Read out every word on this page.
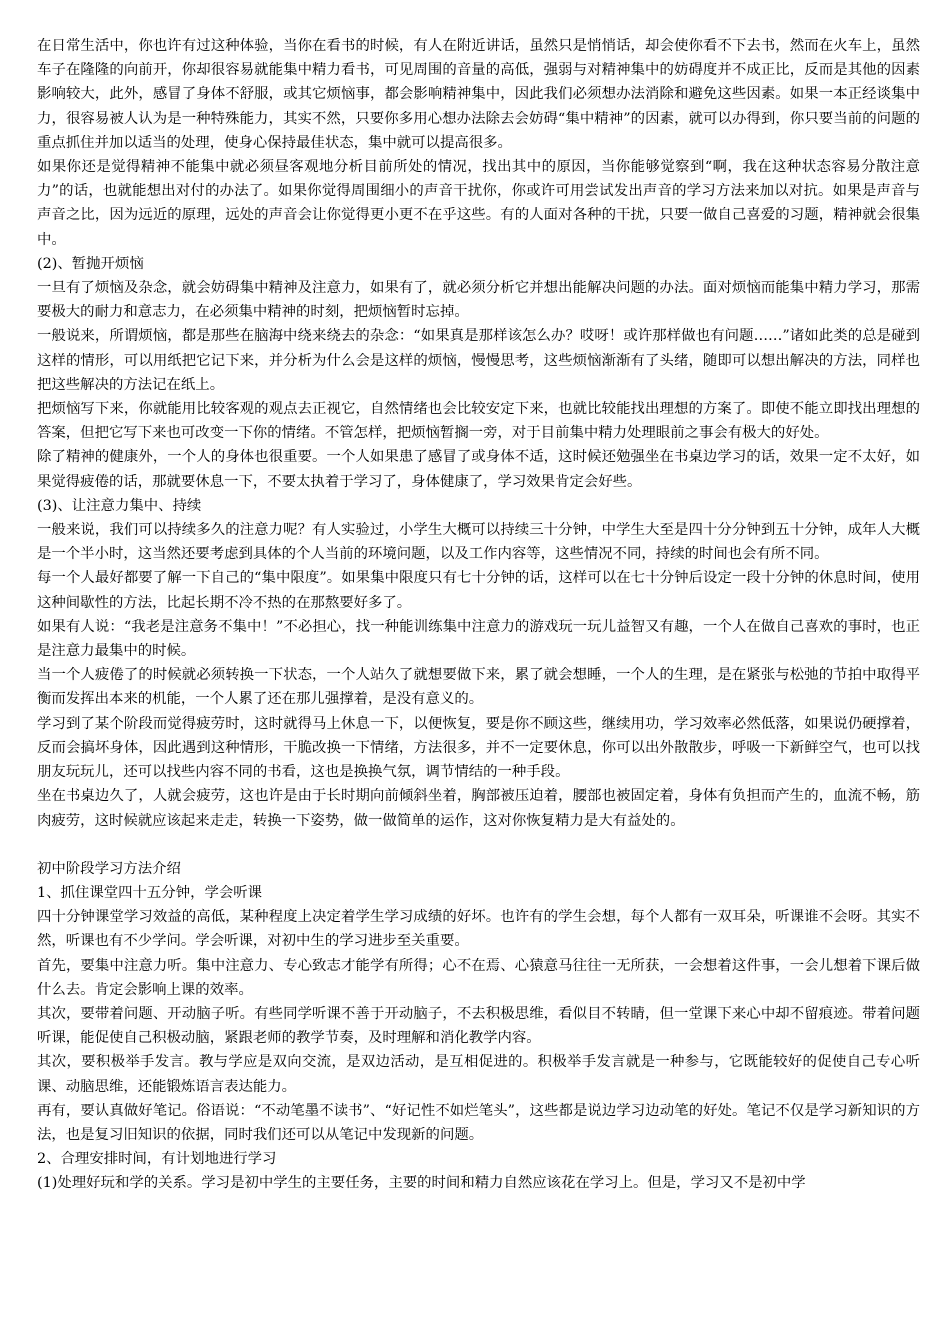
在日常生活中，你也许有过这种体验，当你在看书的时候，有人在附近讲话，虽然只是悄悄话，却会使你看不下去书，然而在火车上，虽然车子在隆隆的向前开，你却很容易就能集中精力看书，可见周围的音量的高低，强弱与对精神集中的妨碍度并不成正比，反而是其他的因素影响较大，此外，感冒了身体不舒服，或其它烦恼事，都会影响精神集中，因此我们必须想办法消除和避免这些因素。如果一本正经谈集中力，很容易被人认为是一种特殊能力，其实不然，只要你多用心想办法除去会妨碍“集中精神”的因素，就可以办得到，你只要当前的问题的重点抓住并加以适当的处理，使身心保持最佳状态，集中就可以提高很多。

如果你还是觉得精神不能集中就必须昼客观地分析目前所处的情况，找出其中的原因，当你能够觉察到“啊，我在这种状态容易分散注意力”的话，也就能想出对付的办法了。如果你觉得周围细小的声音干扰你，你或许可用尝试发出声音的学习方法来加以对抗。如果是声音与声音之比，因为远近的原理，远处的声音会让你觉得更小更不在乎这些。有的人面对各种的干扰，只要一做自己喜爱的习题，精神就会很集中。

(2)、暂抛开烦恼

一旦有了烦恼及杂念，就会妨碍集中精神及注意力，如果有了，就必须分析它并想出能解决问题的办法。面对烦恼而能集中精力学习，那需要极大的耐力和意志力，在必须集中精神的时刻，把烦恼暂时忘掉。

一般说来，所谓烦恼，都是那些在脑海中绕来绕去的杂念：“如果真是那样该怎么办？哎呀！或许那样做也有问题……”诸如此类的总是碰到这样的情形，可以用纸把它记下来，并分析为什么会是这样的烦恼，慢慢思考，这些烦恼渐渐有了头绪，随即可以想出解决的方法，同样也把这些解决的方法记在纸上。

把烦恼写下来，你就能用比较客观的观点去正视它，自然情绪也会比较安定下来，也就比较能找出理想的方案了。即使不能立即找出理想的答案，但把它写下来也可改变一下你的情绪。不管怎样，把烦恼暂搁一旁，对于目前集中精力处理眼前之事会有极大的好处。

除了精神的健康外，一个人的身体也很重要。一个人如果患了感冒了或身体不适，这时候还勉强坐在书桌边学习的话，效果一定不太好，如果觉得疲倦的话，那就要休息一下，不要太执着于学习了，身体健康了，学习效果肯定会好些。

(3)、让注意力集中、持续

一般来说，我们可以持续多久的注意力呢？有人实验过，小学生大概可以持续三十分钟，中学生大至是四十分分钟到五十分钟，成年人大概是一个半小时，这当然还要考虑到具体的个人当前的环境问题，以及工作内容等，这些情况不同，持续的时间也会有所不同。

每一个人最好都要了解一下自己的“集中限度”。如果集中限度只有七十分钟的话，这样可以在七十分钟后设定一段十分钟的休息时间，使用这种间歇性的方法，比起长期不冷不热的在那熬要好多了。

如果有人说：“我老是注意务不集中！”不必担心，找一种能训练集中注意力的游戏玩一玩儿益智又有趣，一个人在做自己喜欢的事时，也正是注意力最集中的时候。

当一个人疲倦了的时候就必须转换一下状态，一个人站久了就想要做下来，累了就会想睡，一个人的生理，是在紧张与松弛的节拍中取得平衡而发挥出本来的机能，一个人累了还在那儿强撑着，是没有意义的。

学习到了某个阶段而觉得疲劳时，这时就得马上休息一下，以便恢复，要是你不顾这些，继续用功，学习效率必然低落，如果说仍硬撑着，反而会搞坏身体，因此遇到这种情形，干脆改换一下情绪，方法很多，并不一定要休息，你可以出外散散步，呼吸一下新鲜空气，也可以找朋友玩玩儿，还可以找些内容不同的书看，这也是换换气氛，调节情结的一种手段。

坐在书桌边久了，人就会疲劳，这也许是由于长时期向前倾斜坐着，胸部被压迫着，腰部也被固定着，身体有负担而产生的，血流不畅，筋肉疲劳，这时候就应该起来走走，转换一下姿势，做一做简单的运作，这对你恢复精力是大有益处的。

初中阶段学习方法介绍

1、抓住课堂四十五分钟，学会听课

四十分钟课堂学习效益的高低，某种程度上决定着学生学习成绩的好坏。也许有的学生会想，每个人都有一双耳朵，听课谁不会呀。其实不然，听课也有不少学问。学会听课，对初中生的学习进步至关重要。

首先，要集中注意力听。集中注意力、专心致志才能学有所得；心不在焉、心猿意马往往一无所获，一会想着这件事，一会儿想着下课后做什么去。肯定会影响上课的效率。

其次，要带着问题、开动脑子听。有些同学听课不善于开动脑子，不去积极思维，看似目不转睛，但一堂课下来心中却不留痕迹。带着问题听课，能促使自己积极动脑，紧跟老师的教学节奏，及时理解和消化教学内容。

其次，要积极举手发言。教与学应是双向交流，是双边活动，是互相促进的。积极举手发言就是一种参与，它既能较好的促使自己专心听课、动脑思维，还能锻炼语言表达能力。

再有，要认真做好笔记。俗语说：“不动笔墨不读书”、“好记性不如烂笔头”，这些都是说边学习边动笔的好处。笔记不仅是学习新知识的方法，也是复习旧知识的依据，同时我们还可以从笔记中发现新的问题。

2、合理安排时间，有计划地进行学习

(1)处理好玩和学的关系。学习是初中学生的主要任务，主要的时间和精力自然应该花在学习上。但是，学习又不是初中学
